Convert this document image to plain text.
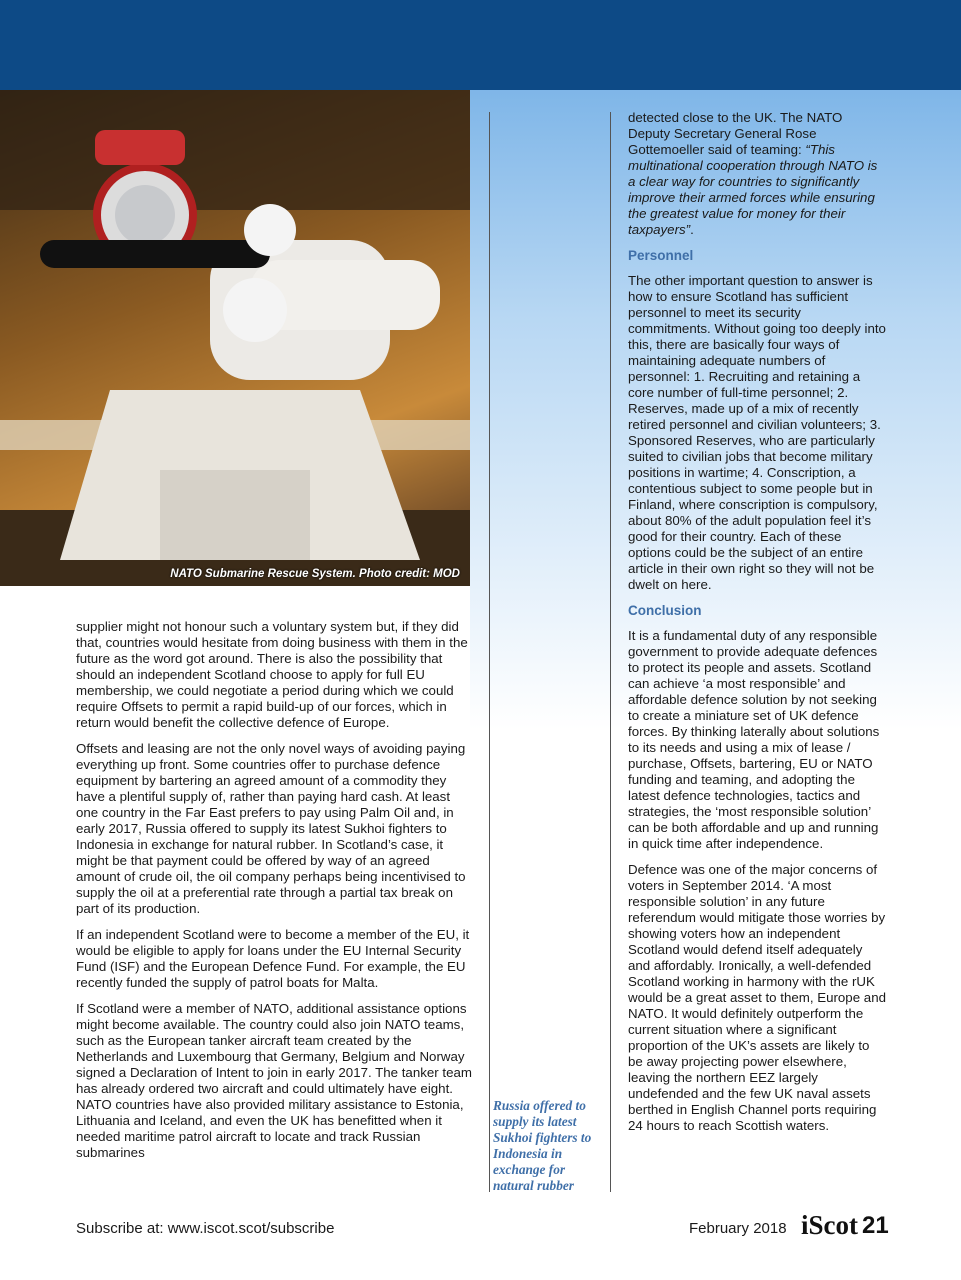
NATO Submarine Rescue System. Photo credit: MOD

supplier might not honour such a voluntary system but, if they did that, countries would hesitate from doing business with them in the future as the word got around. There is also the possibility that should an independent Scotland choose to apply for full EU membership, we could negotiate a period during which we could require Offsets to permit a rapid build-up of our forces, which in return would benefit the collective defence of Europe.

Offsets and leasing are not the only novel ways of avoiding paying everything up front. Some countries offer to purchase defence equipment by bartering an agreed amount of a commodity they have a plentiful supply of, rather than paying hard cash. At least one country in the Far East prefers to pay using Palm Oil and, in early 2017, Russia offered to supply its latest Sukhoi fighters to Indonesia in exchange for natural rubber. In Scotland’s case, it might be that payment could be offered by way of an agreed amount of crude oil, the oil company perhaps being incentivised to supply the oil at a preferential rate through a partial tax break on part of its production.

If an independent Scotland were to become a member of the EU, it would be eligible to apply for loans under the EU Internal Security Fund (ISF) and the European Defence Fund. For example, the EU recently funded the supply of patrol boats for Malta.

If Scotland were a member of NATO, additional assistance options might become available. The country could also join NATO teams, such as the European tanker aircraft team created by the Netherlands and Luxembourg that Germany, Belgium and Norway signed a Declaration of Intent to join in early 2017. The tanker team has already ordered two aircraft and could ultimately have eight. NATO countries have also provided military assistance to Estonia, Lithuania and Iceland, and even the UK has benefitted when it needed maritime patrol aircraft to locate and track Russian submarines

Russia offered to supply its latest Sukhoi fighters to Indonesia in exchange for natural rubber

detected close to the UK. The NATO Deputy Secretary General Rose Gottemoeller said of teaming: “This multinational cooperation through NATO is a clear way for countries to significantly improve their armed forces while ensuring the greatest value for money for their taxpayers”.

Personnel

The other important question to answer is how to ensure Scotland has sufficient personnel to meet its security commitments. Without going too deeply into this, there are basically four ways of maintaining adequate numbers of personnel: 1. Recruiting and retaining a core number of full-time personnel; 2. Reserves, made up of a mix of recently retired personnel and civilian volunteers; 3. Sponsored Reserves, who are particularly suited to civilian jobs that become military positions in wartime; 4. Conscription, a contentious subject to some people but in Finland, where conscription is compulsory, about 80% of the adult population feel it’s good for their country. Each of these options could be the subject of an entire article in their own right so they will not be dwelt on here.

Conclusion

It is a fundamental duty of any responsible government to provide adequate defences to protect its people and assets. Scotland can achieve ‘a most responsible’ and affordable defence solution by not seeking to create a miniature set of UK defence forces. By thinking laterally about solutions to its needs and using a mix of lease / purchase, Offsets, bartering, EU or NATO funding and teaming, and adopting the latest defence technologies, tactics and strategies, the ‘most responsible solution’ can be both affordable and up and running in quick time after independence.

Defence was one of the major concerns of voters in September 2014. ‘A most responsible solution’ in any future referendum would mitigate those worries by showing voters how an independent Scotland would defend itself adequately and affordably. Ironically, a well-defended Scotland working in harmony with the rUK would be a great asset to them, Europe and NATO. It would definitely outperform the current situation where a significant proportion of the UK’s assets are likely to be away projecting power elsewhere, leaving the northern EEZ largely undefended and the few UK naval assets berthed in English Channel ports requiring 24 hours to reach Scottish waters.

Subscribe at: www.iscot.scot/subscribe	February 2018 iScot 21
